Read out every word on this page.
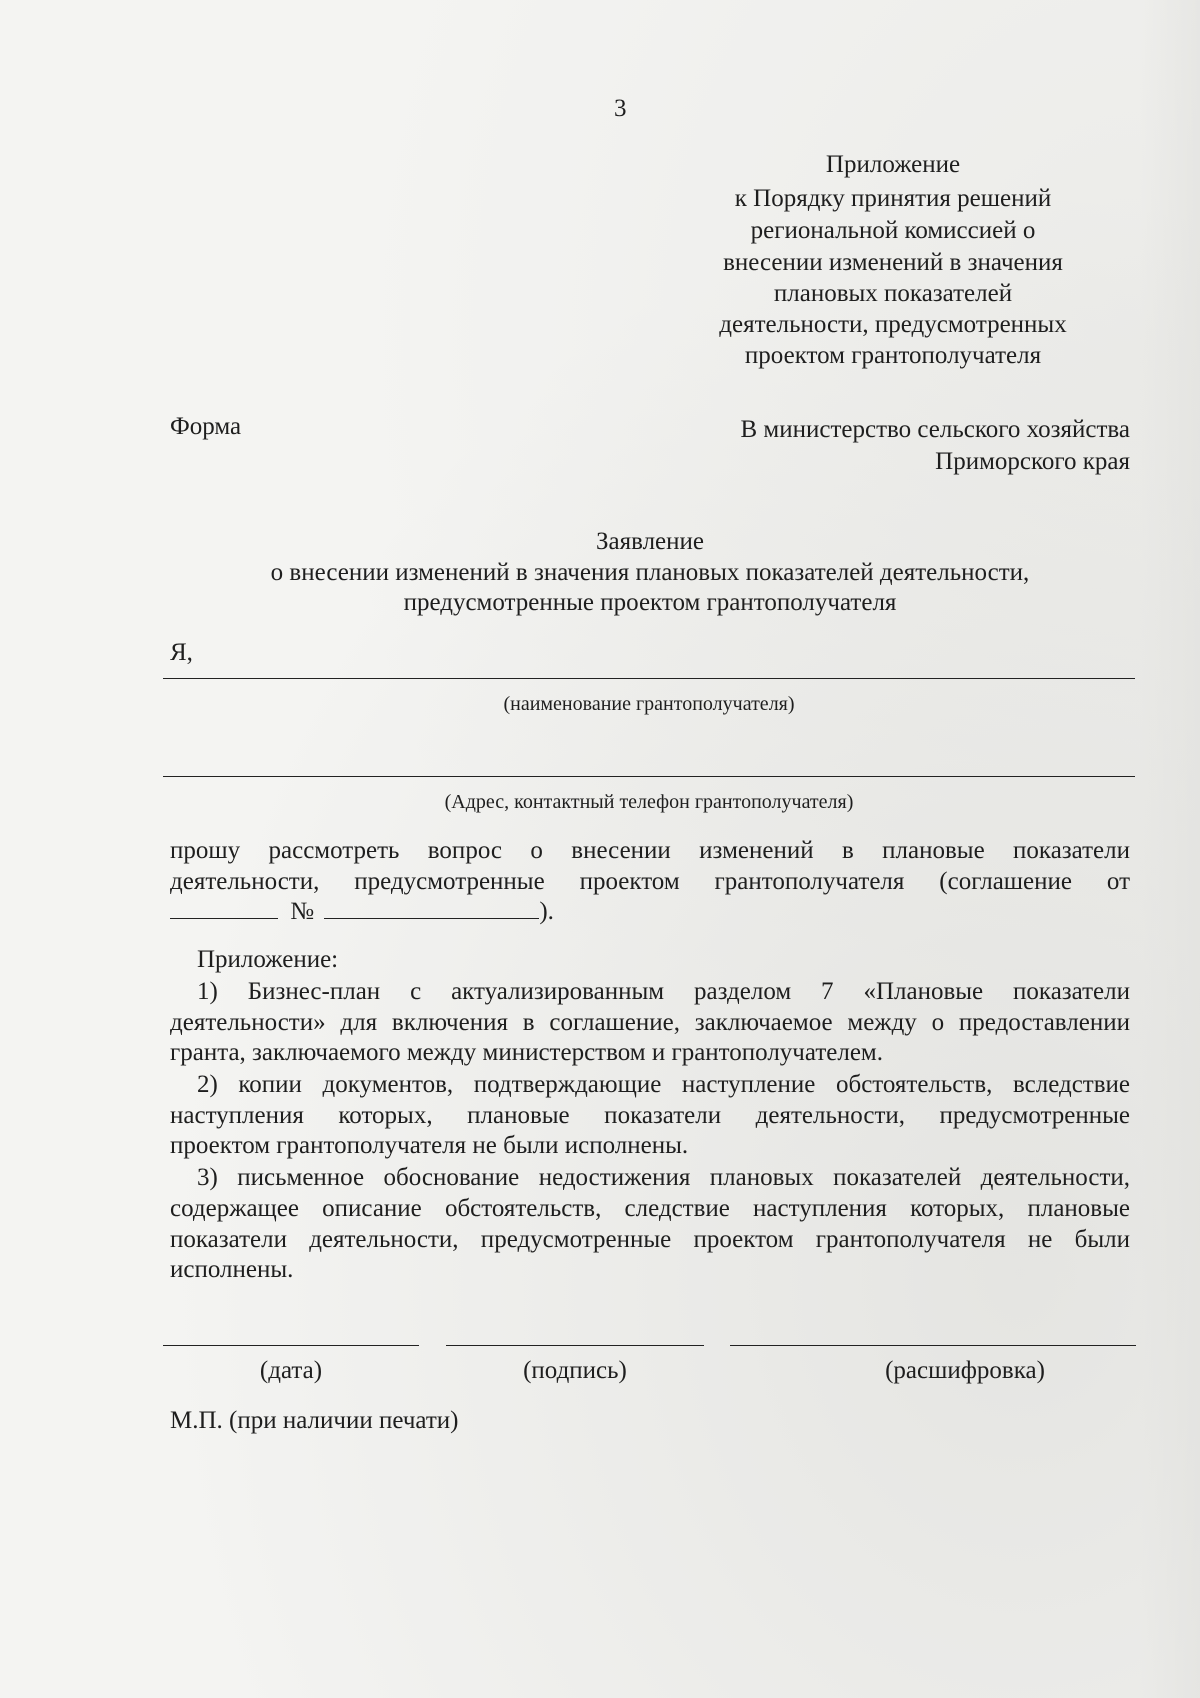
3
Приложение
к Порядку принятия решений
региональной комиссией о
внесении изменений в значения
плановых показателей
деятельности, предусмотренных
проектом грантополучателя
Форма	В министерство сельского хозяйства
Приморского края
Заявление
о внесении изменений в значения плановых показателей деятельности,
предусмотренные проектом грантополучателя
Я,
(наименование грантополучателя)
(Адрес, контактный телефон грантополучателя)
прошу рассмотреть вопрос о внесении изменений в плановые показатели
деятельности, предусмотренные проектом грантополучателя (соглашение от
№	).
Приложение:
1) Бизнес-план с актуализированным разделом 7 «Плановые показатели
деятельности» для включения в соглашение, заключаемое между о предоставлении
гранта, заключаемого между министерством и грантополучателем.
2) копии документов, подтверждающие наступление обстоятельств, вследствие
наступления которых, плановые показатели деятельности, предусмотренные
проектом грантополучателя не были исполнены.
3) письменное обоснование недостижения плановых показателей деятельности,
содержащее описание обстоятельств, следствие наступления которых, плановые
показатели деятельности, предусмотренные проектом грантополучателя не были
исполнены.
(дата)	(подпись)	(расшифровка)
М.П. (при наличии печати)
